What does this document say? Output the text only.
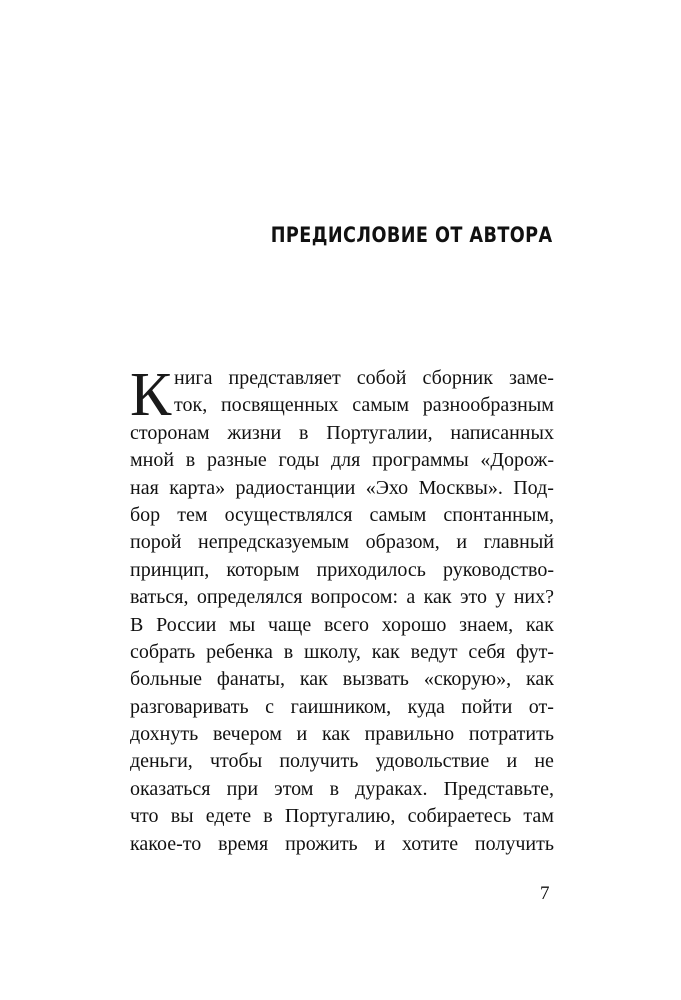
ПРЕДИСЛОВИЕ ОТ АВТОРА
К нига представляет собой сборник заме-
ток, посвященных самым разнообразным
сторонам жизни в Португалии, написанных
мной в разные годы для программы «Дорож-
ная карта» радиостанции «Эхо Москвы». Под-
бор тем осуществлялся самым спонтанным,
порой непредсказуемым образом, и главный
принцип, которым приходилось руководство-
ваться, определялся вопросом: а как это у них?
В России мы чаще всего хорошо знаем, как
собрать ребенка в школу, как ведут себя фут-
больные фанаты, как вызвать «скорую», как
разговаривать с гаишником, куда пойти от-
дохнуть вечером и как правильно потратить
деньги, чтобы получить удовольствие и не
оказаться при этом в дураках. Представьте,
что вы едете в Португалию, собираетесь там
какое-то время прожить и хотите получить
7
